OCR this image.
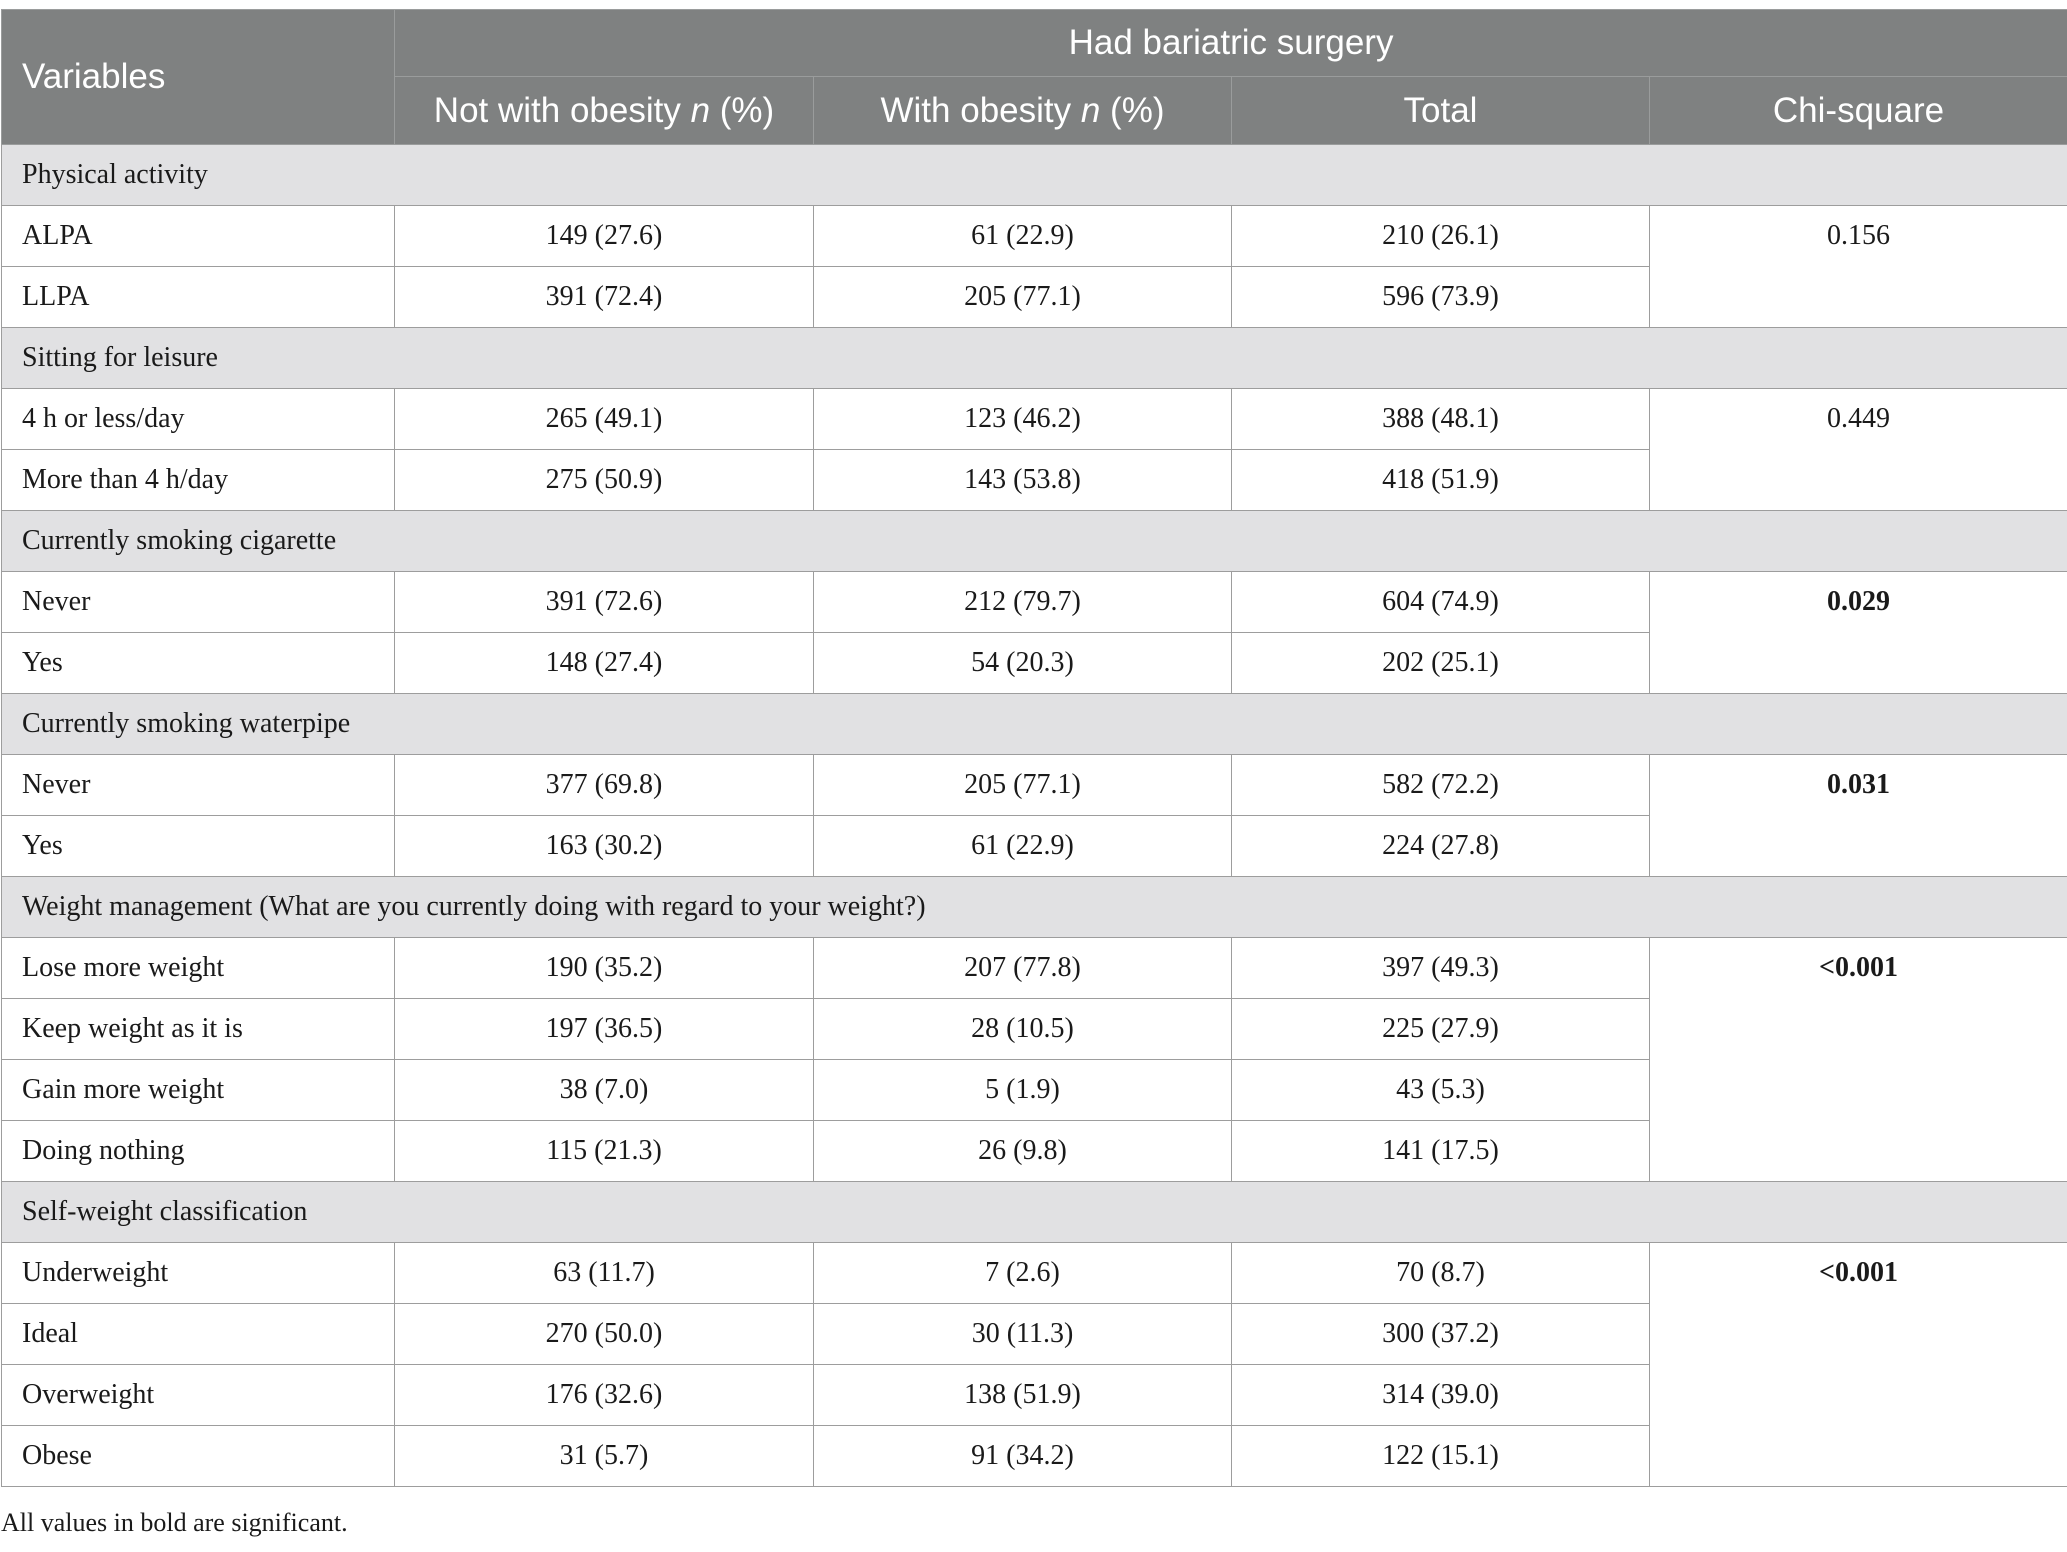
Variables	Had bariatric surgery			
	Not with obesity n (%)	With obesity n (%)	Total	Chi-square
Physical activity				
ALPA	149 (27.6)	61 (22.9)	210 (26.1)	0.156
LLPA	391 (72.4)	205 (77.1)	596 (73.9)	
Sitting for leisure				
4 h or less/day	265 (49.1)	123 (46.2)	388 (48.1)	0.449
More than 4 h/day	275 (50.9)	143 (53.8)	418 (51.9)	
Currently smoking cigarette				
Never	391 (72.6)	212 (79.7)	604 (74.9)	0.029
Yes	148 (27.4)	54 (20.3)	202 (25.1)	
Currently smoking waterpipe				
Never	377 (69.8)	205 (77.1)	582 (72.2)	0.031
Yes	163 (30.2)	61 (22.9)	224 (27.8)	
Weight management (What are you currently doing with regard to your weight?)				
Lose more weight	190 (35.2)	207 (77.8)	397 (49.3)	<0.001
Keep weight as it is	197 (36.5)	28 (10.5)	225 (27.9)	
Gain more weight	38 (7.0)	5 (1.9)	43 (5.3)	
Doing nothing	115 (21.3)	26 (9.8)	141 (17.5)	
Self-weight classification				
Underweight	63 (11.7)	7 (2.6)	70 (8.7)	<0.001
Ideal	270 (50.0)	30 (11.3)	300 (37.2)	
Overweight	176 (32.6)	138 (51.9)	314 (39.0)	
Obese	31 (5.7)	91 (34.2)	122 (15.1)	
All values in bold are significant.
